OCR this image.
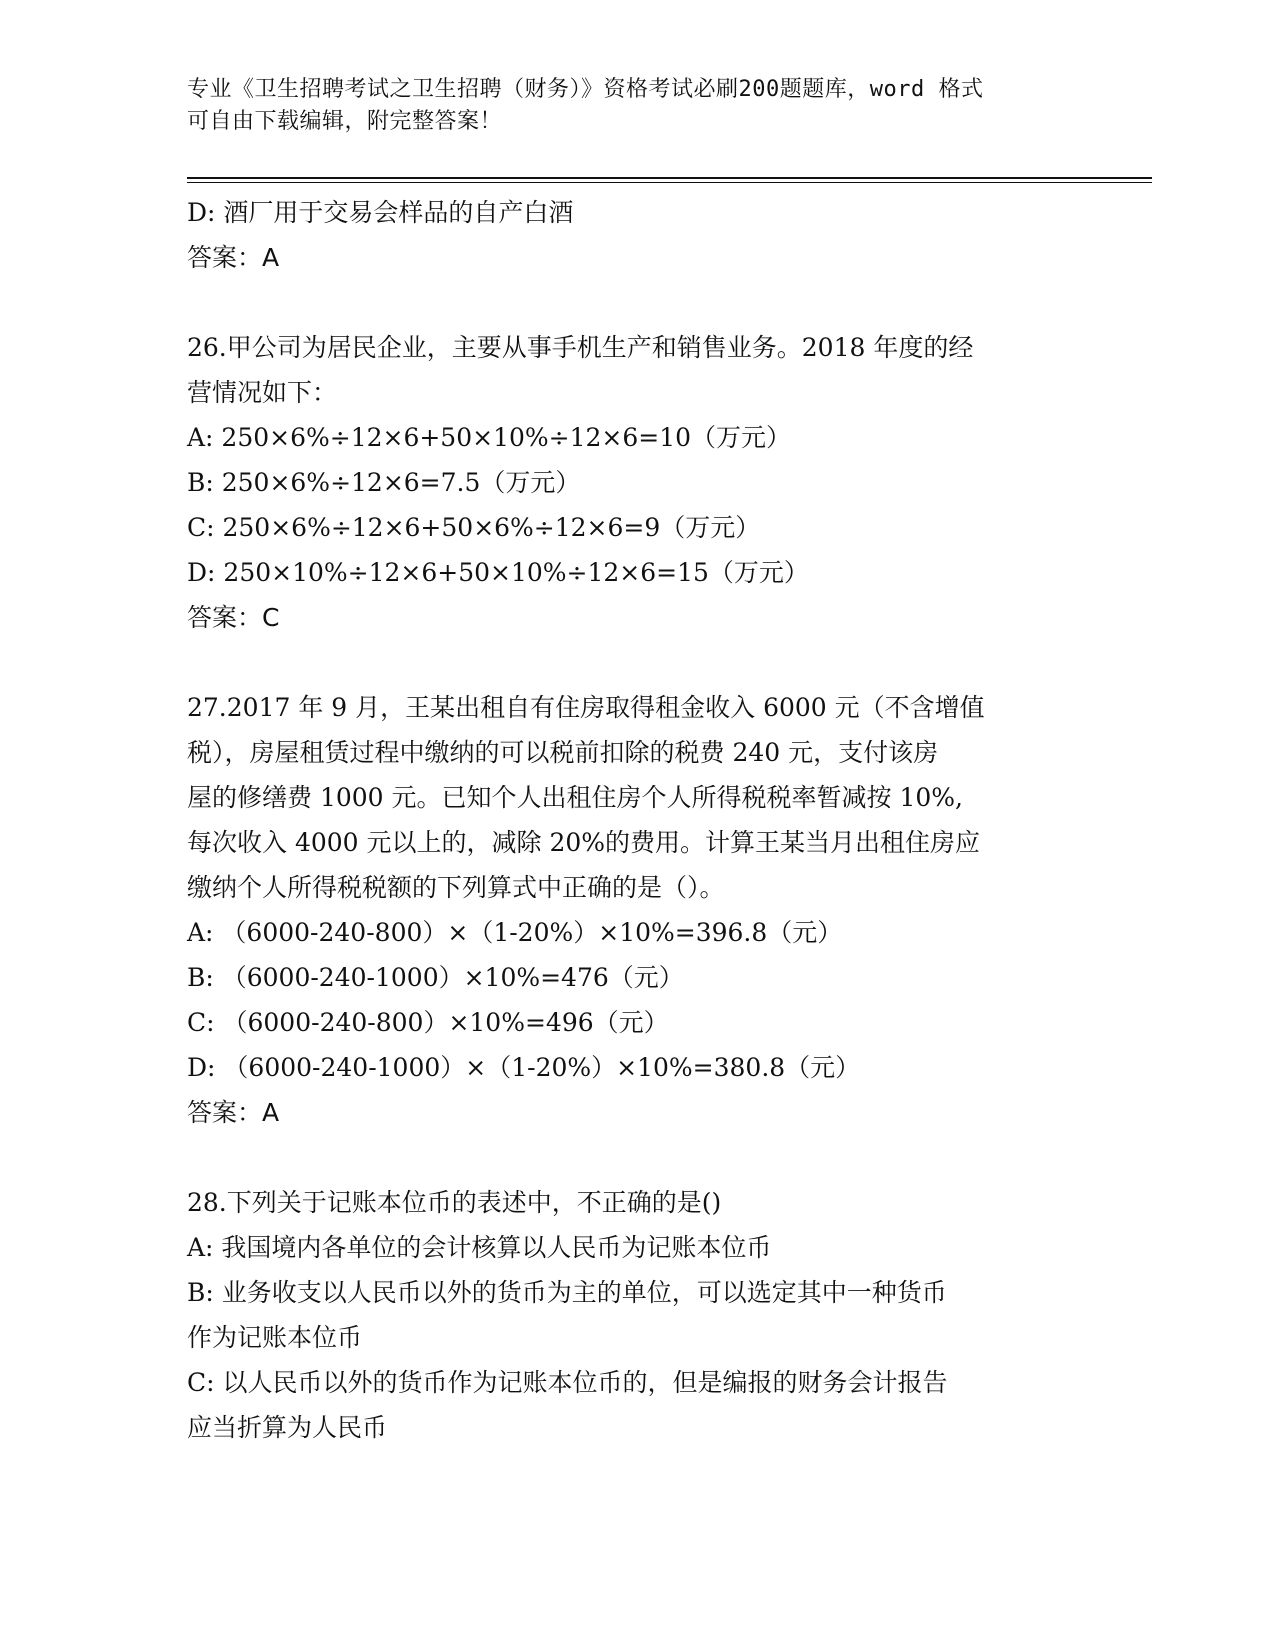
专业《卫生招聘考试之卫生招聘（财务）》资格考试必刷200题题库，word 格式
可自由下载编辑，附完整答案！
D: 酒厂用于交易会样品的自产白酒
答案：A
26.甲公司为居民企业，主要从事手机生产和销售业务。2018 年度的经
营情况如下：
A: 250×6%÷12×6+50×10%÷12×6=10（万元）
B: 250×6%÷12×6=7.5（万元）
C: 250×6%÷12×6+50×6%÷12×6=9（万元）
D: 250×10%÷12×6+50×10%÷12×6=15（万元）
答案：C
27.2017 年 9 月，王某出租自有住房取得租金收入 6000 元（不含增值
税），房屋租赁过程中缴纳的可以税前扣除的税费 240 元，支付该房
屋的修缮费 1000 元。已知个人出租住房个人所得税税率暂减按 10%,
每次收入 4000 元以上的，减除 20%的费用。计算王某当月出租住房应
缴纳个人所得税税额的下列算式中正确的是（）。
A: （6000-240-800）×（1-20%）×10%=396.8（元）
B: （6000-240-1000）×10%=476（元）
C: （6000-240-800）×10%=496（元）
D: （6000-240-1000）×（1-20%）×10%=380.8（元）
答案：A
28.下列关于记账本位币的表述中，不正确的是()
A: 我国境内各单位的会计核算以人民币为记账本位币
B: 业务收支以人民币以外的货币为主的单位，可以选定其中一种货币
作为记账本位币
C: 以人民币以外的货币作为记账本位币的，但是编报的财务会计报告
应当折算为人民币
